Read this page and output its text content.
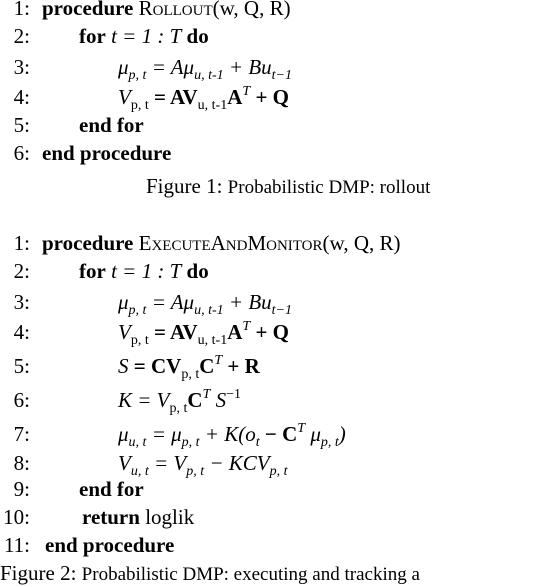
1: procedure Rollout(w, Q, R)
2: for t = 1 : T do
3:	$\mu_{p, t} = A\mu_{u, t-1} + Bu_{t-1}$
4:	$V_{p, t} = AV_{u, t-1}A^T + Q$
5: end for
6: end procedure
Figure 1: Probabilistic DMP: rollout
1: procedure ExecuteAndMonitor(w, Q, R)
2: for t = 1 : T do
3:	$\mu_{p, t} = A\mu_{u, t-1} + Bu_{t-1}$
4:	$V_{p, t} = AV_{u, t-1}A^T + Q$
5:	$S = CV_{p, t}C^T + R$
6:	$K = V_{p, t}C^T$ $S^{-1}$
7:	$\mu_{u, t} = \mu_{p, t} + K(o_t - C^T$ $\mu_{p, t}$)
8:	$V_{u, t} = V_{p, t} - KCV_{p, t}$
9: end for
10: return loglik
11: end procedure
Figure 2: Probabilistic DMP: executing and tracking a
